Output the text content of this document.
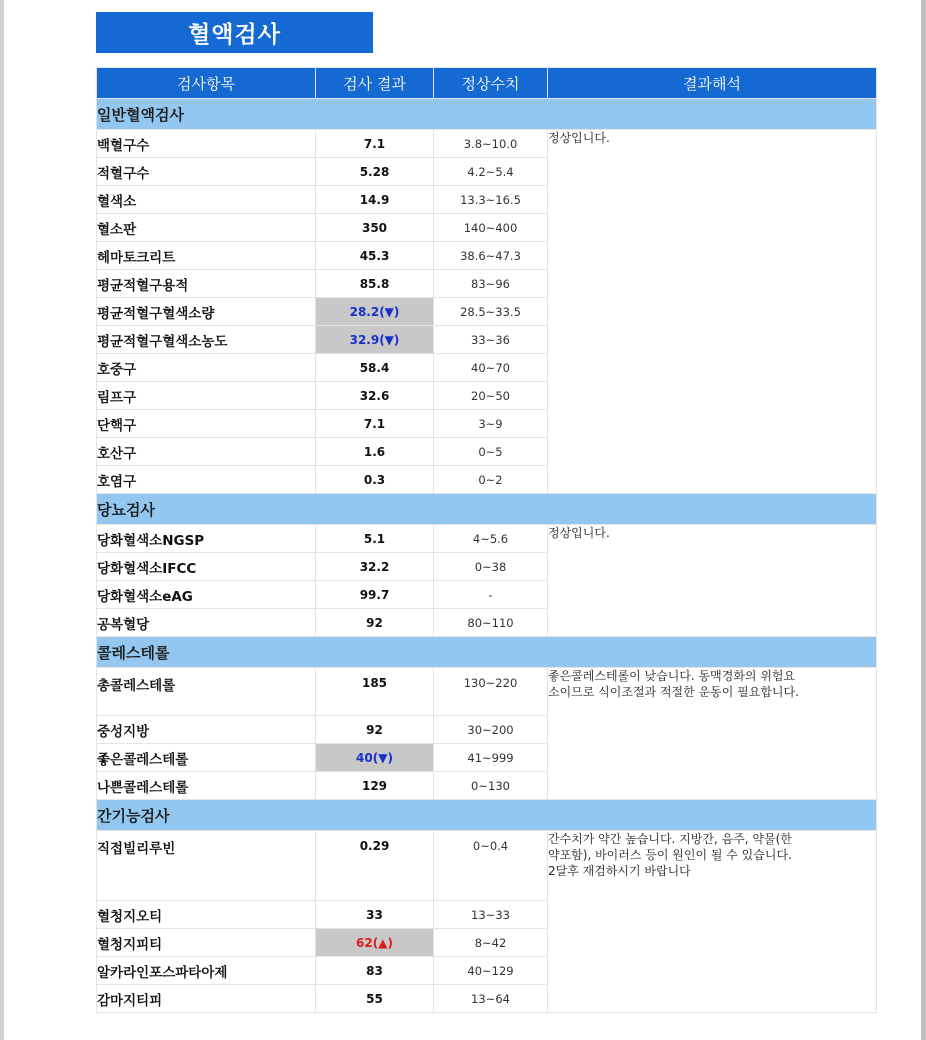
혈액검사
검사항목	검사 결과	정상수치	결과해석
일반혈액검사			
백혈구수	7.1	3.8~10.0	정상입니다.

적혈구수	5.28	4.2~5.4	
혈색소	14.9	13.3~16.5	
혈소판	350	140~400	
헤마토크리트	45.3	38.6~47.3	
평균적혈구용적	85.8	83~96	
평균적혈구혈색소량	28.2(▼)	28.5~33.5	
평균적혈구혈색소농도	32.9(▼)	33~36	
호중구	58.4	40~70	
림프구	32.6	20~50	
단핵구	7.1	3~9	
호산구	1.6	0~5	
호염구	0.3	0~2	
당뇨검사			
당화혈색소NGSP	5.1	4~5.6	정상입니다.

당화혈색소IFCC	32.2	0~38	
당화혈색소eAG	99.7	-	
공복혈당	92	80~110	
콜레스테롤			
총콜레스테롤	185	130~220	좋은콜레스테롤이 낮습니다. 동맥경화의 위험요
소이므로 식이조절과 적절한 운동이 필요합니다.

중성지방	92	30~200	
좋은콜레스테롤	40(▼)	41~999	
나쁜콜레스테롤	129	0~130	
간기능검사			
직접빌리루빈	0.29	0~0.4	간수치가 약간 높습니다. 지방간, 음주, 약물(한
약포함), 바이러스 등이 원인이 될 수 있습니다.
2달후 재검하시기 바랍니다

혈청지오티	33	13~33	
혈청지피티	62(▲)	8~42	
알카라인포스파타아제	83	40~129	
감마지티피	55	13~64	
